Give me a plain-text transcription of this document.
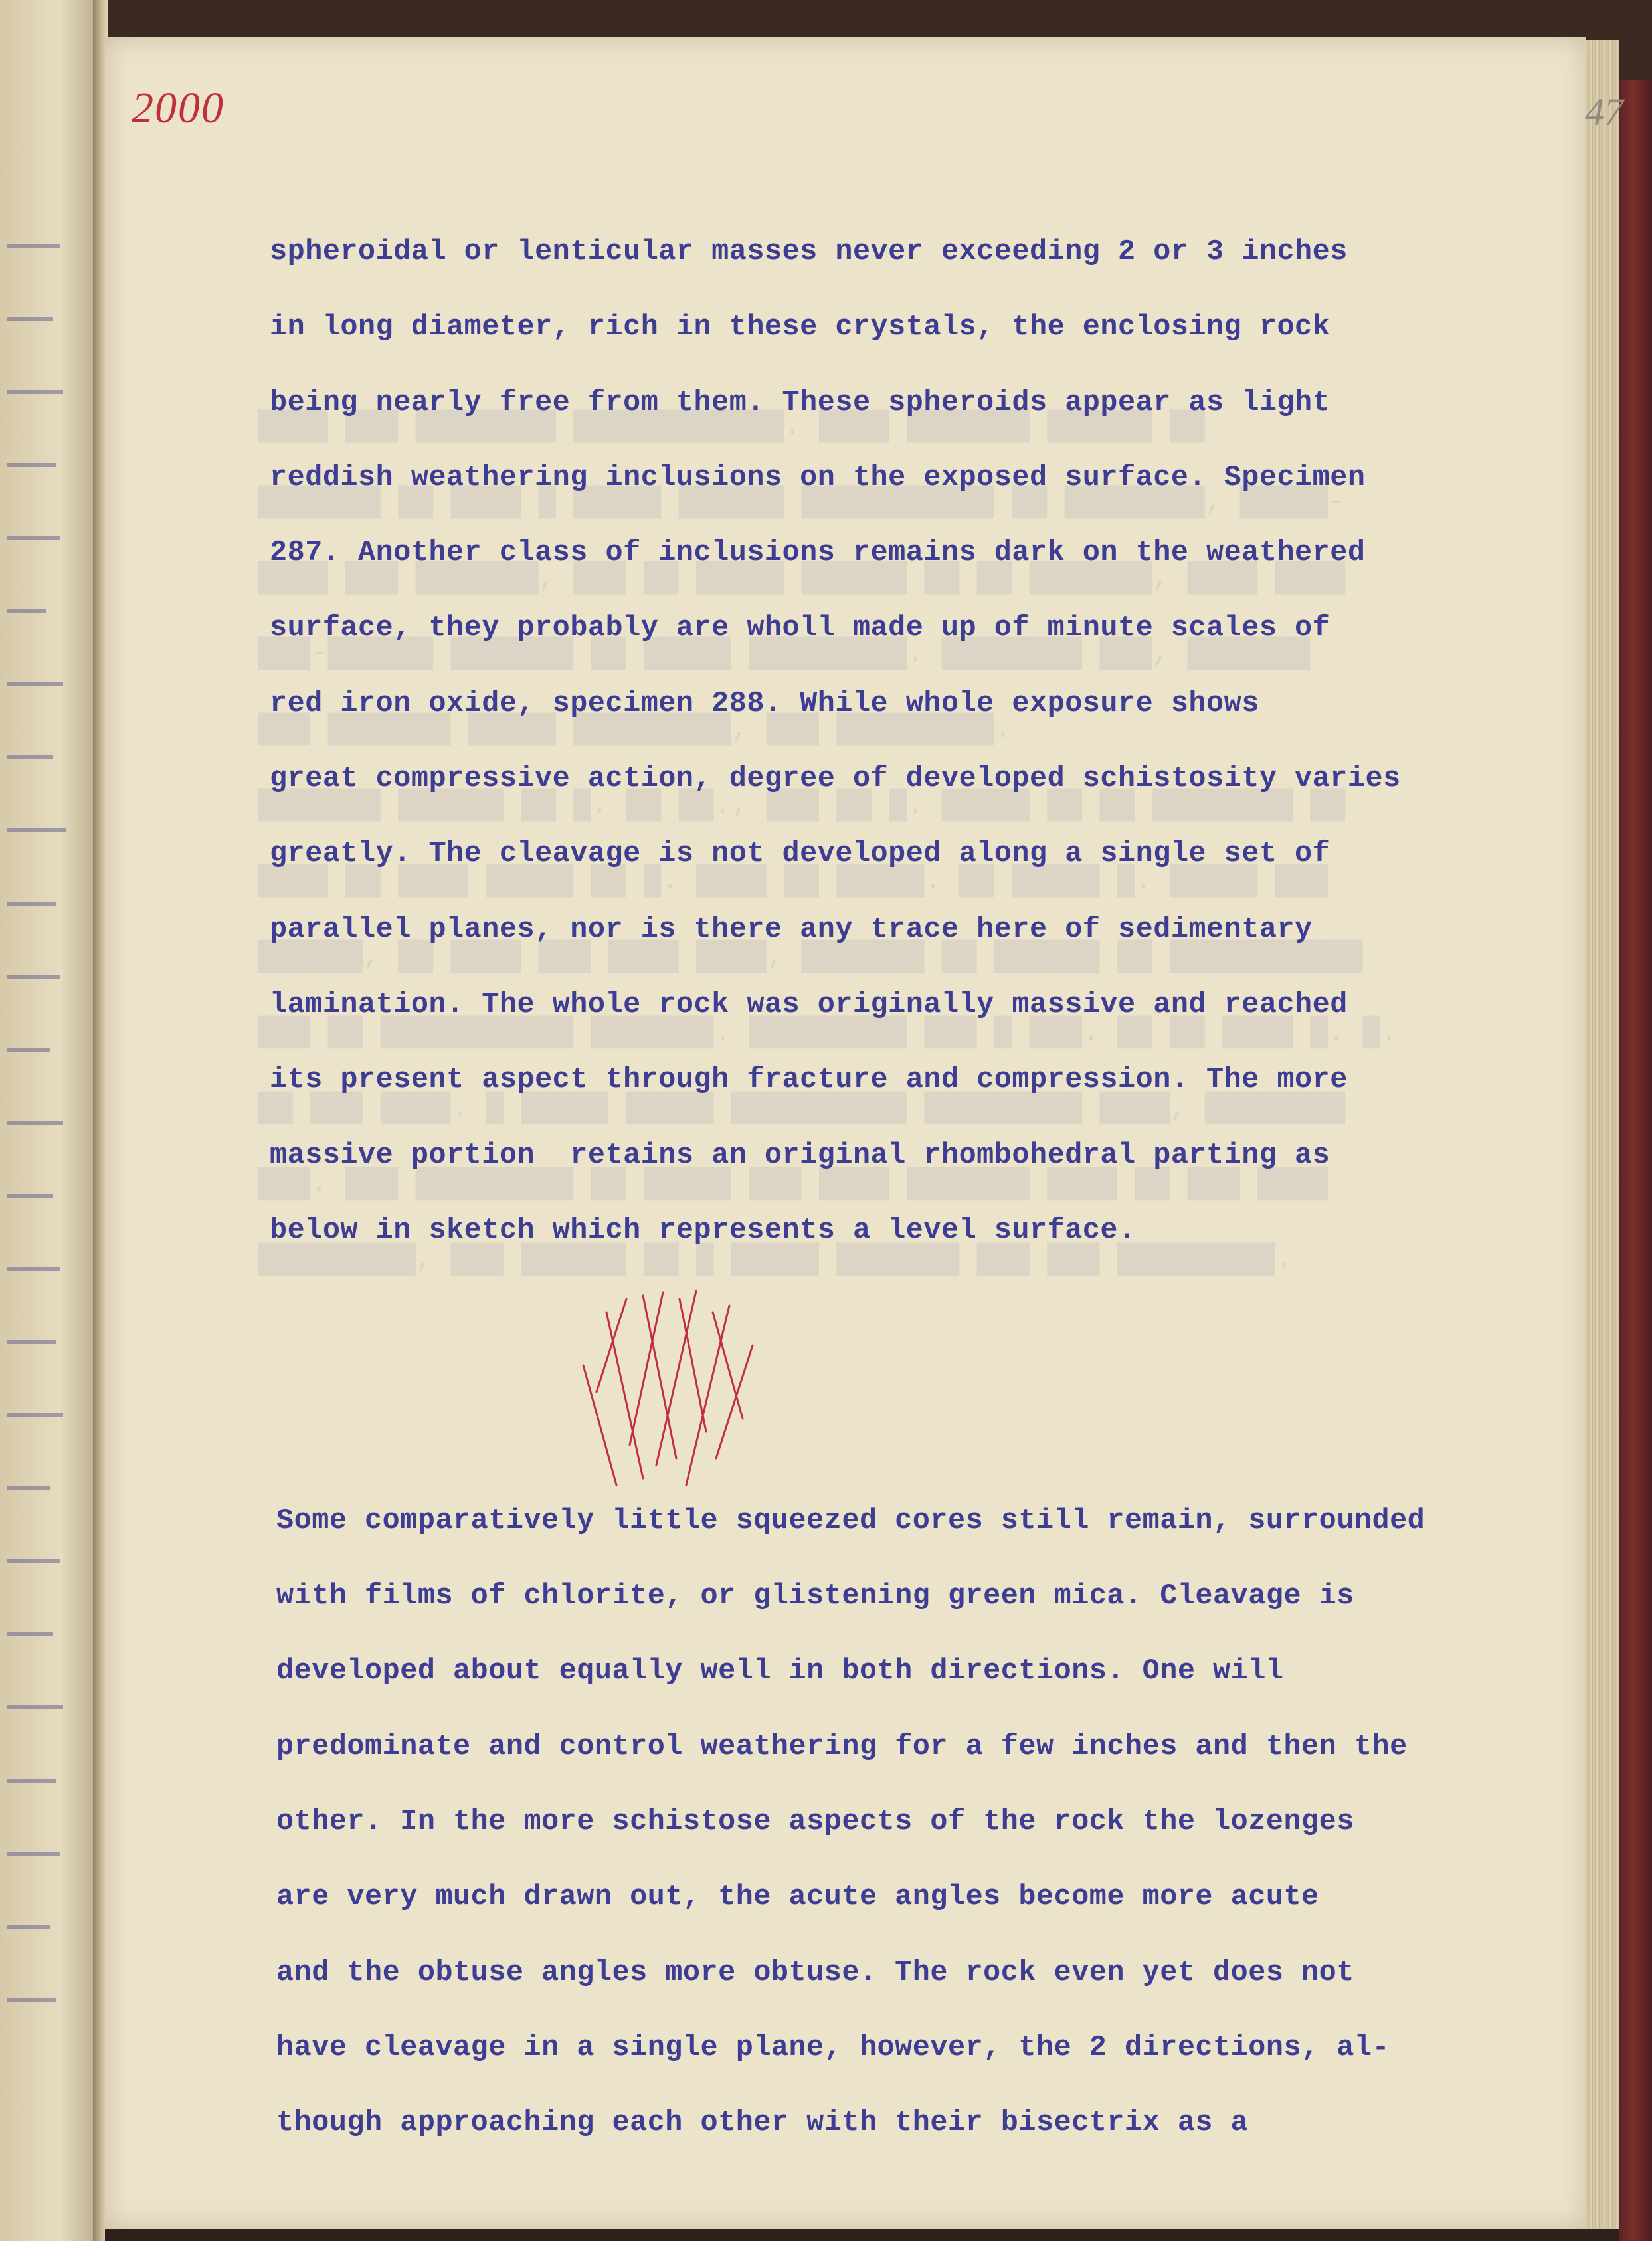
████ ███ ████████ ████████████. ████ ███████ ██████ ██
███████ ██ ████ █ █████ ██████ ███████████ ██ ████████, █████-
████ ███ ███████, ███ ██ █████ ██████ ██ ██ ███████, ████ ████
███-██████ ███████ ██ █████ █████████. ████████ ███, ███████
███ ███████ █████ █████████, ███ █████████.
███████ ██████ ██ █. ██ ██., ███ ██ █. █████ ██ ██ ████████ ██
████ ██ ████ █████ ██ █. ████ ██ █████. ██ █████ █. █████ ███
██████, ██ ████ ███ ████ ████, ███████ ██ ██████ ██ ███████████
███ ██ ███████████ ███████. █████████ ███ █ ███. ██ ██ ████ █. █.
██ ███ ████. █ █████ █████ ██████████ █████████ ████, ████████
███. ███ █████████ ██ █████ ███ ████ ███████ ████ ██ ███ ████
█████████, ███ ██████ ██ █ █████ ███████ ███ ███ █████████.
2000	47
spheroidal or lenticular masses never exceeding 2 or 3 inches
in long diameter, rich in these crystals, the enclosing rock
being nearly free from them. These spheroids appear as light
reddish weathering inclusions on the exposed surface. Specimen
287. Another class of inclusions remains dark on the weathered
surface, they probably are wholl made up of minute scales of
red iron oxide, specimen 288. While whole exposure shows
great compressive action, degree of developed schistosity varies
greatly. The cleavage is not developed along a single set of
parallel planes, nor is there any trace here of sedimentary
lamination. The whole rock was originally massive and reached
its present aspect through fracture and compression. The more
massive portion  retains an original rhombohedral parting as
below in sketch which represents a level surface.
Some comparatively little squeezed cores still remain, surrounded
with films of chlorite, or glistening green mica. Cleavage is
developed about equally well in both directions. One will
predominate and control weathering for a few inches and then the
other. In the more schistose aspects of the rock the lozenges
are very much drawn out, the acute angles become more acute
and the obtuse angles more obtuse. The rock even yet does not
have cleavage in a single plane, however, the 2 directions, al-
though approaching each other with their bisectrix as a
